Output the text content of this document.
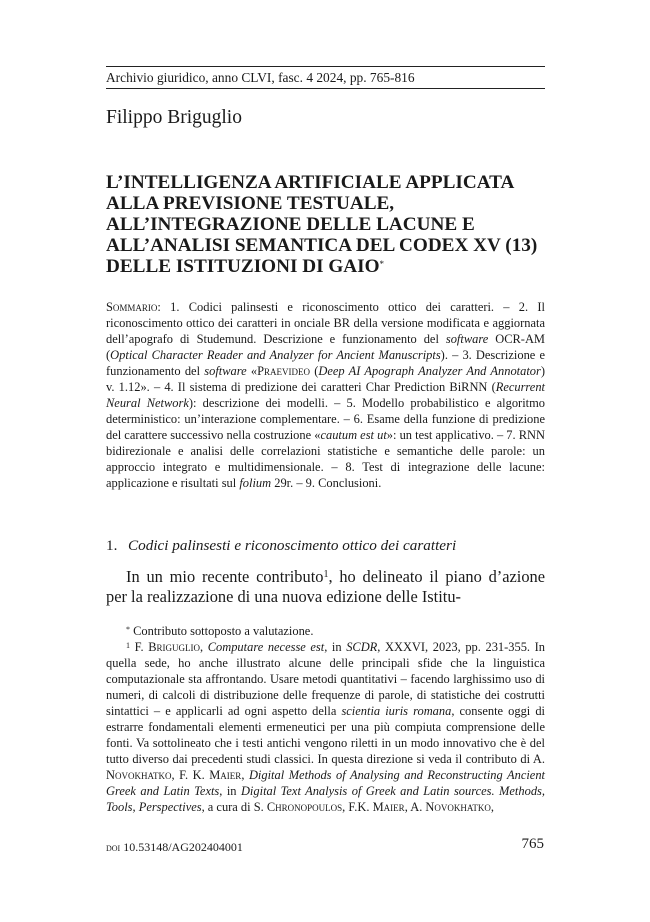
Archivio giuridico, anno CLVI, fasc. 4 2024, pp. 765-816
Filippo Briguglio
L’INTELLIGENZA ARTIFICIALE APPLICATA ALLA PREVISIONE TESTUALE, ALL’INTEGRAZIONE DELLE LACUNE E ALL’ANALISI SEMANTICA DEL CODEX XV (13) DELLE ISTITUZIONI DI GAIO*
Sommario: 1. Codici palinsesti e riconoscimento ottico dei caratteri. – 2. Il riconoscimento ottico dei caratteri in onciale BR della versione modificata e aggiornata dell’apografo di Studemund. Descrizione e funzionamento del software OCR-AM (Optical Character Reader and Analyzer for Ancient Manuscripts). – 3. Descrizione e funzionamento del software «Praevideo (Deep AI Apograph Analyzer And Annotator) v. 1.12». – 4. Il sistema di predizione dei caratteri Char Prediction BiRNN (Recurrent Neural Network): descrizione dei modelli. – 5. Modello probabilistico e algoritmo deterministico: un’interazione complementare. – 6. Esame della funzione di predizione del carattere successivo nella costruzione «cautum est ut»: un test applicativo. – 7. RNN bidirezionale e analisi delle correlazioni statistiche e semantiche delle parole: un approccio integrato e multidimensionale. – 8. Test di integrazione delle lacune: applicazione e risultati sul folium 29r. – 9. Conclusioni.
1. Codici palinsesti e riconoscimento ottico dei caratteri

In un mio recente contributo$^1$, ho delineato il piano d’azione per la realizzazione di una nuova edizione delle Istitu-

* Contributo sottoposto a valutazione.

$^1$ F. Briguglio, Computare necesse est, in SCDR, XXXVI, 2023, pp. 231-355. In quella sede, ho anche illustrato alcune delle principali sfide che la linguistica computazionale sta affrontando. Usare metodi quantitativi – facendo larghissimo uso di numeri, di calcoli di distribuzione delle frequenze di parole, di statistiche dei costrutti sintattici – e applicarli ad ogni aspetto della scientia iuris romana, consente oggi di estrarre fondamentali elementi ermeneutici per una più compiuta comprensione delle fonti. Va sottolineato che i testi antichi vengono riletti in un modo innovativo che è del tutto diverso dai precedenti studi classici. In questa direzione si veda il contributo di A. Novokhatko, F. K. Maier, Digital Methods of Analysing and Reconstructing Ancient Greek and Latin Texts, in Digital Text Analysis of Greek and Latin sources. Methods, Tools, Perspectives, a cura di S. Chronopoulos, F.K. Maier, A. Novokhatko,

doi 10.53148/AG202404001	765
